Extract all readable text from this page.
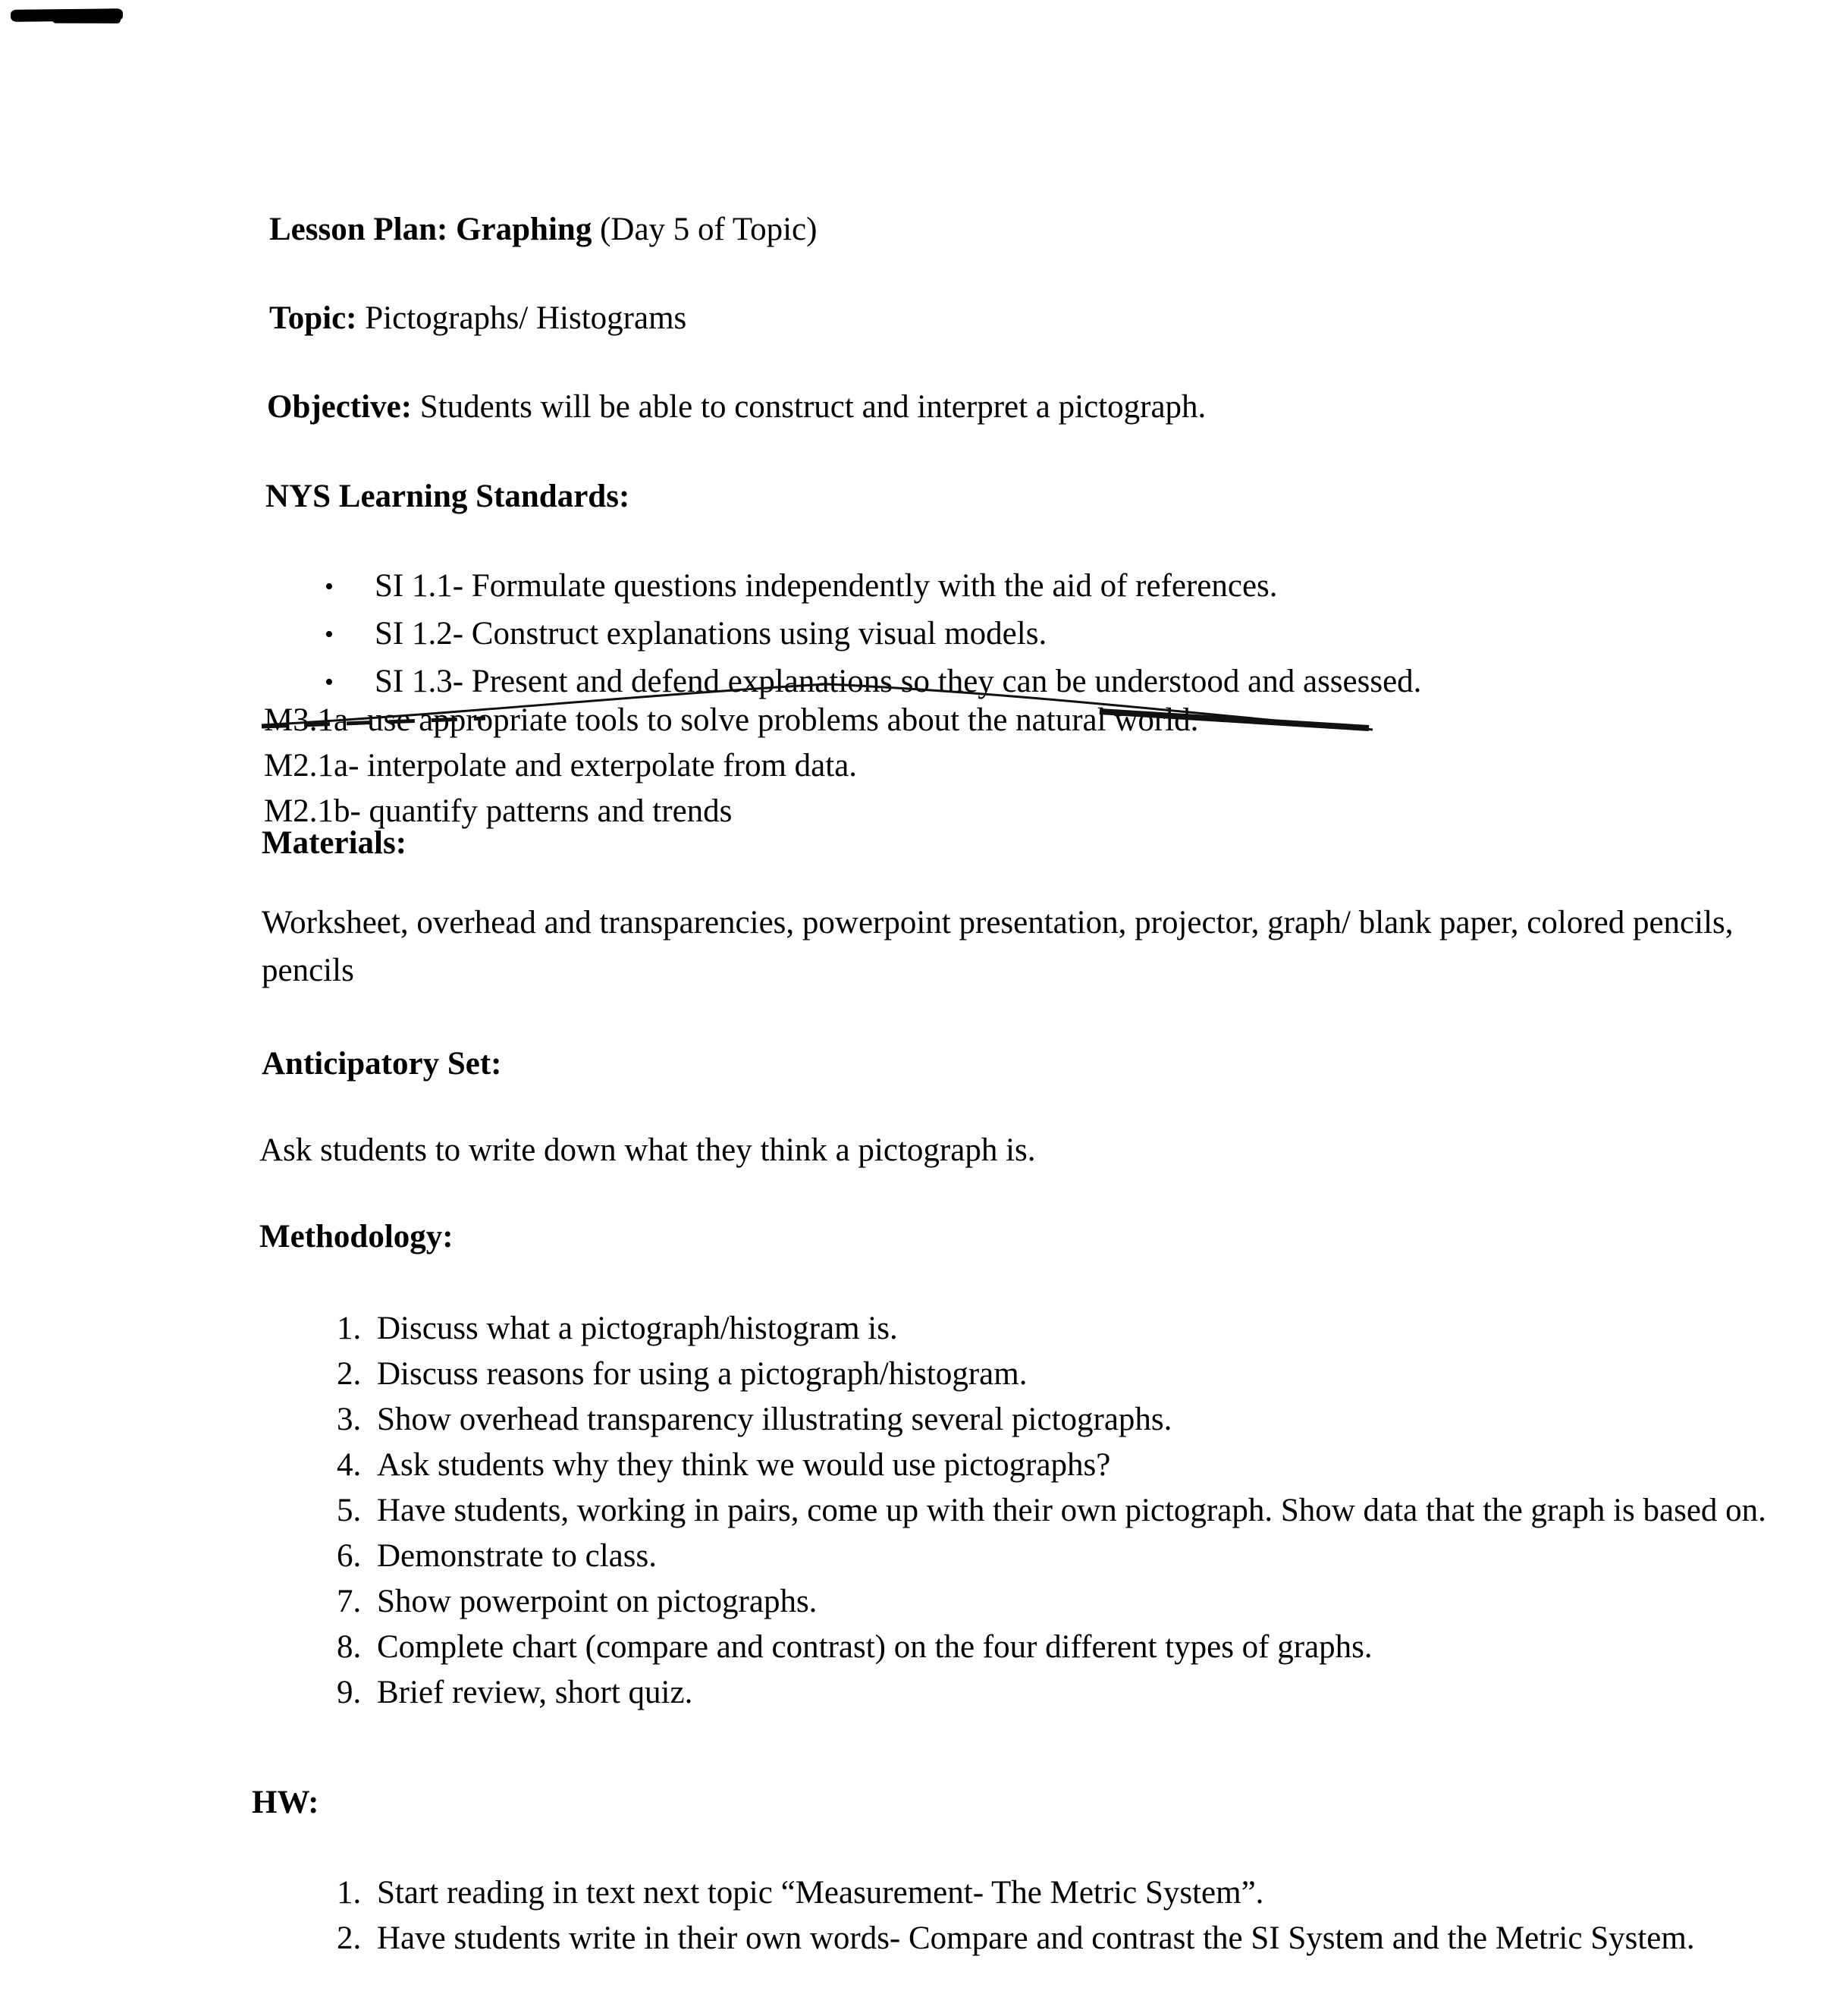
Lesson Plan: Graphing (Day 5 of Topic)
Topic: Pictographs/ Histograms
Objective: Students will be able to construct and interpret a pictograph.
NYS Learning Standards:
• SI 1.1- Formulate questions independently with the aid of references.
• SI 1.2- Construct explanations using visual models.
• SI 1.3- Present and defend explanations so they can be understood and assessed.
M3.1a- use appropriate tools to solve problems about the natural world.
M2.1a- interpolate and exterpolate from data.
M2.1b- quantify patterns and trends
Materials:
Worksheet, overhead and transparencies, powerpoint presentation, projector, graph/ blank paper, colored pencils, pencils
Anticipatory Set:
Ask students to write down what they think a pictograph is.
Methodology:
1. Discuss what a pictograph/histogram is.
2. Discuss reasons for using a pictograph/histogram.
3. Show overhead transparency illustrating several pictographs.
4. Ask students why they think we would use pictographs?
5. Have students, working in pairs, come up with their own pictograph. Show data that the graph is based on.
6. Demonstrate to class.
7. Show powerpoint on pictographs.
8. Complete chart (compare and contrast) on the four different types of graphs.
9. Brief review, short quiz.
HW:
1. Start reading in text next topic “Measurement- The Metric System”.
2. Have students write in their own words- Compare and contrast the SI System and the Metric System.
